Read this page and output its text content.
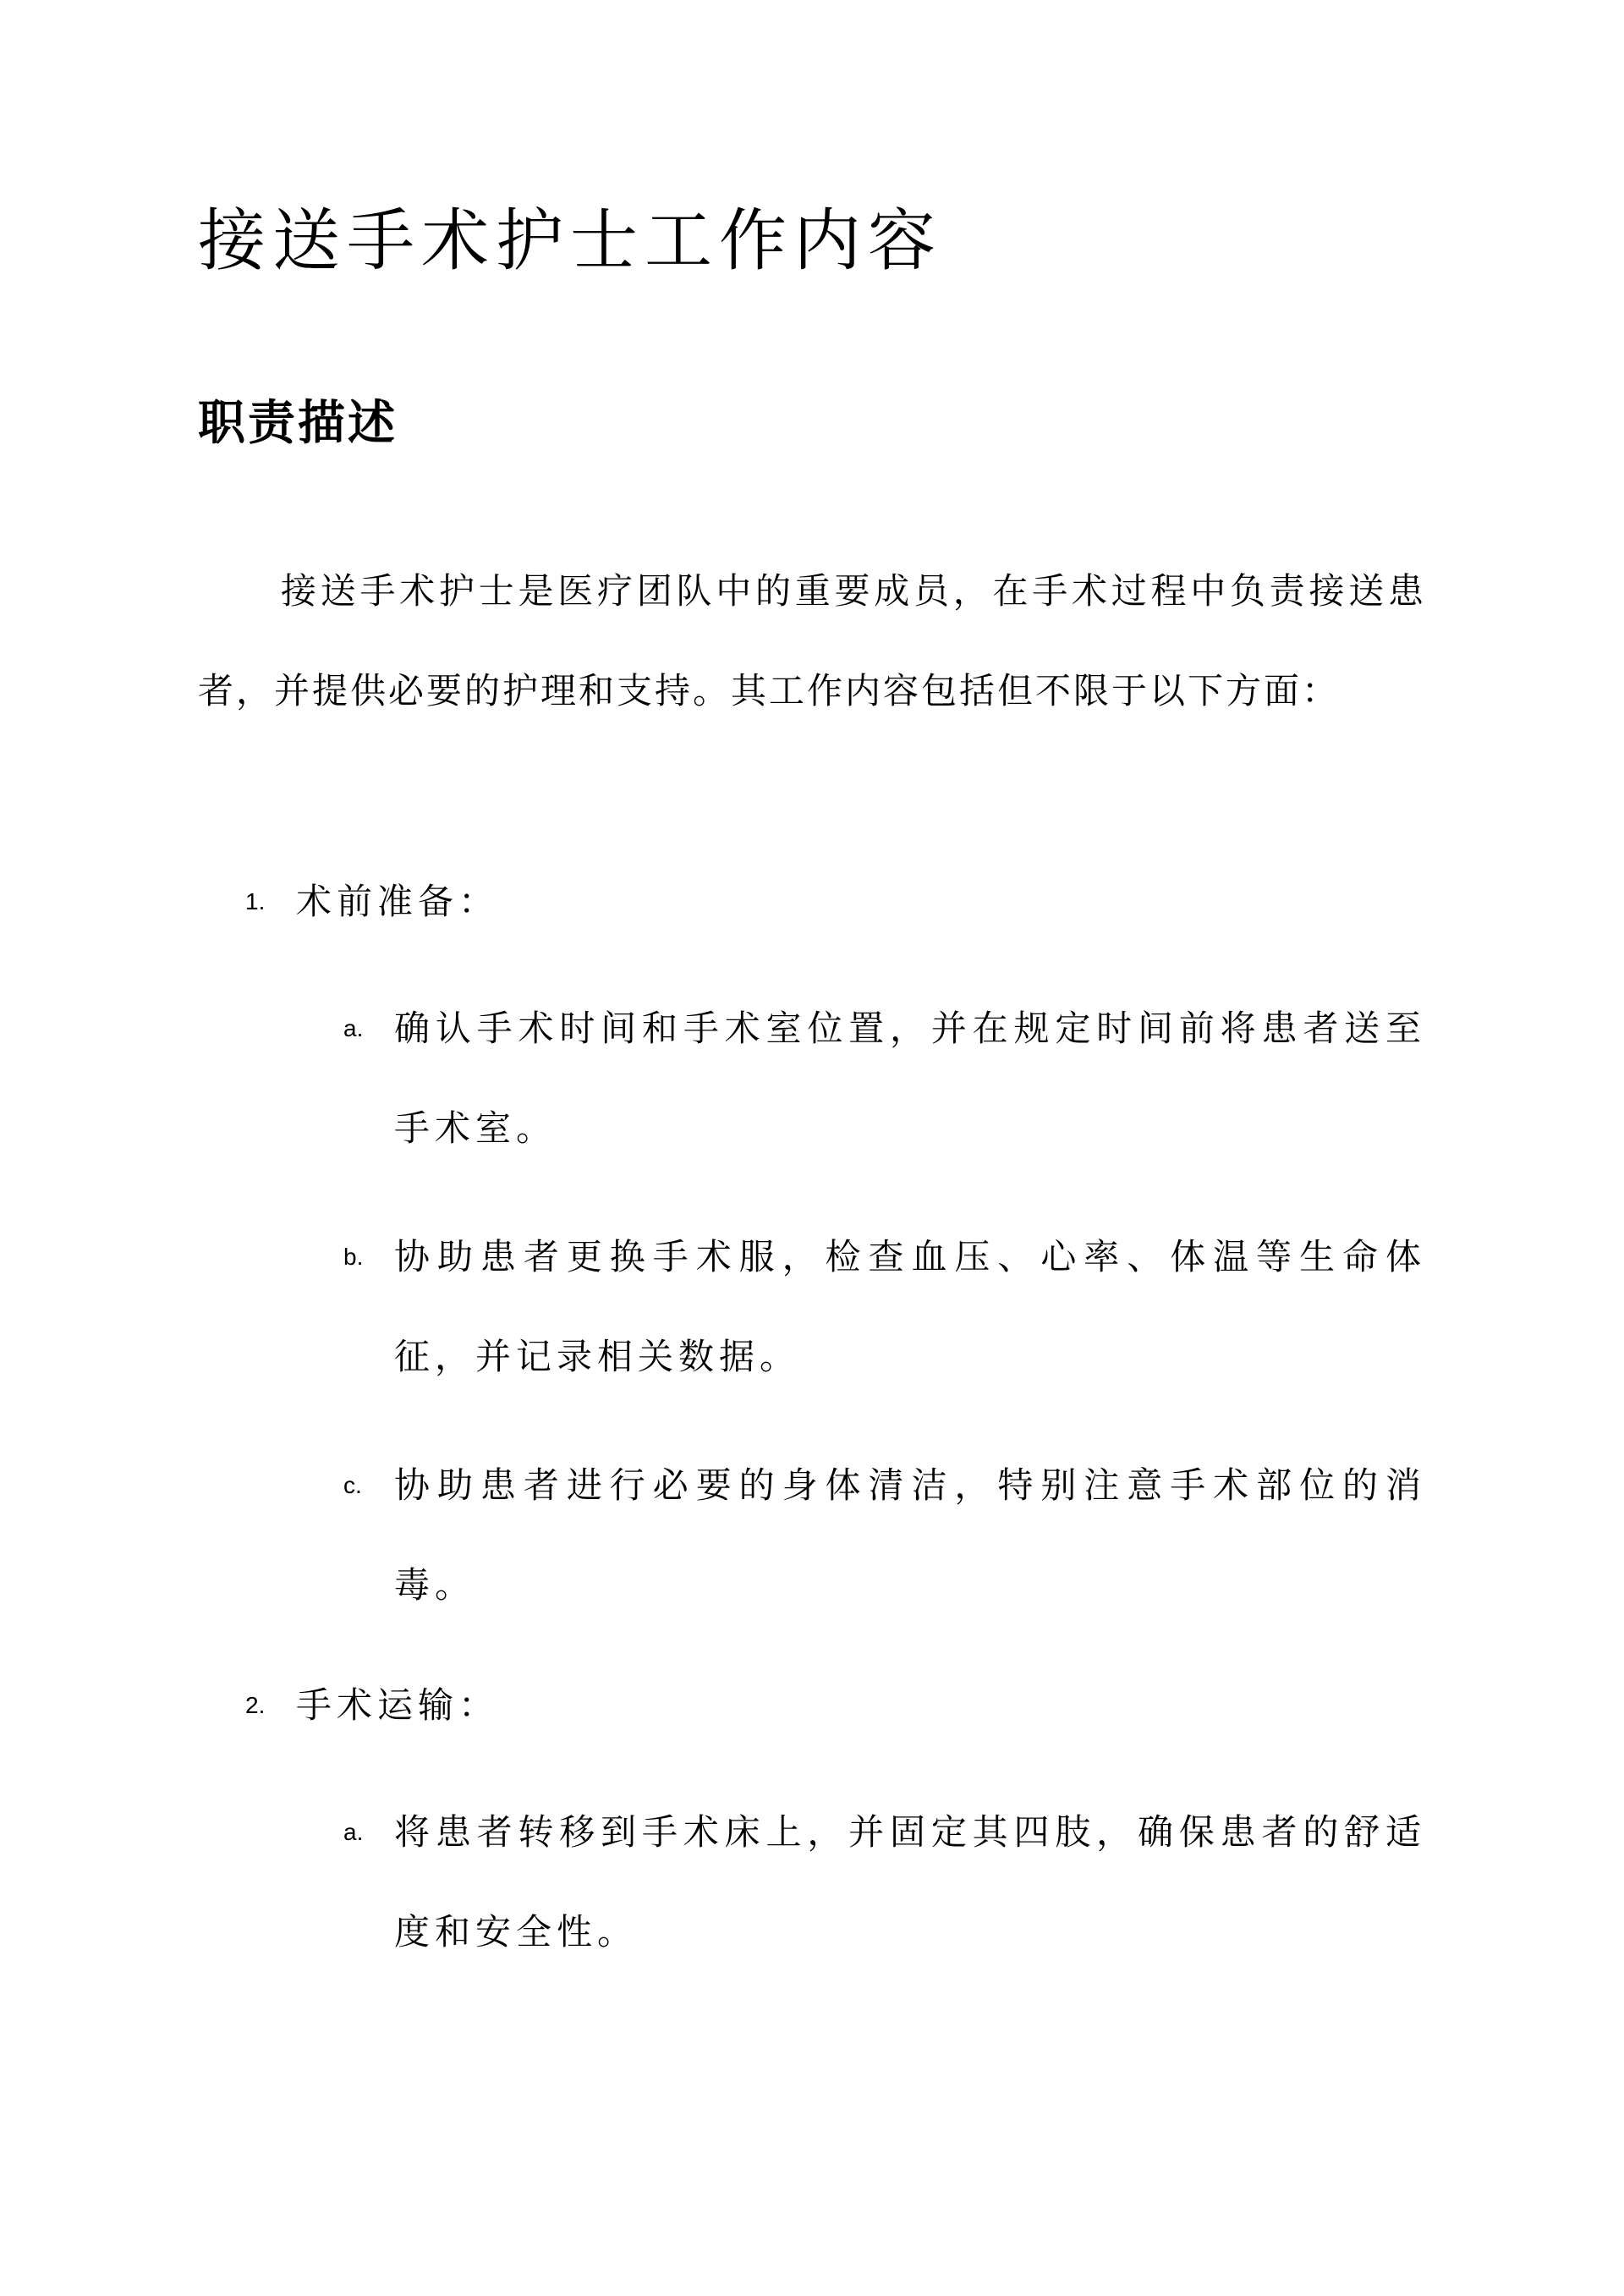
接送手术护士工作内容
职责描述

接送手术护士是医疗团队中的重要成员，在手术过程中负责接送患者，并提供必要的护理和支持。其工作内容包括但不限于以下方面：

1. 术前准备：

a. 确认手术时间和手术室位置，并在规定时间前将患者送至手术室。

b. 协助患者更换手术服，检查血压、心率、体温等生命体征，并记录相关数据。

c. 协助患者进行必要的身体清洁，特别注意手术部位的消毒。

2. 手术运输：

a. 将患者转移到手术床上，并固定其四肢，确保患者的舒适度和安全性。
